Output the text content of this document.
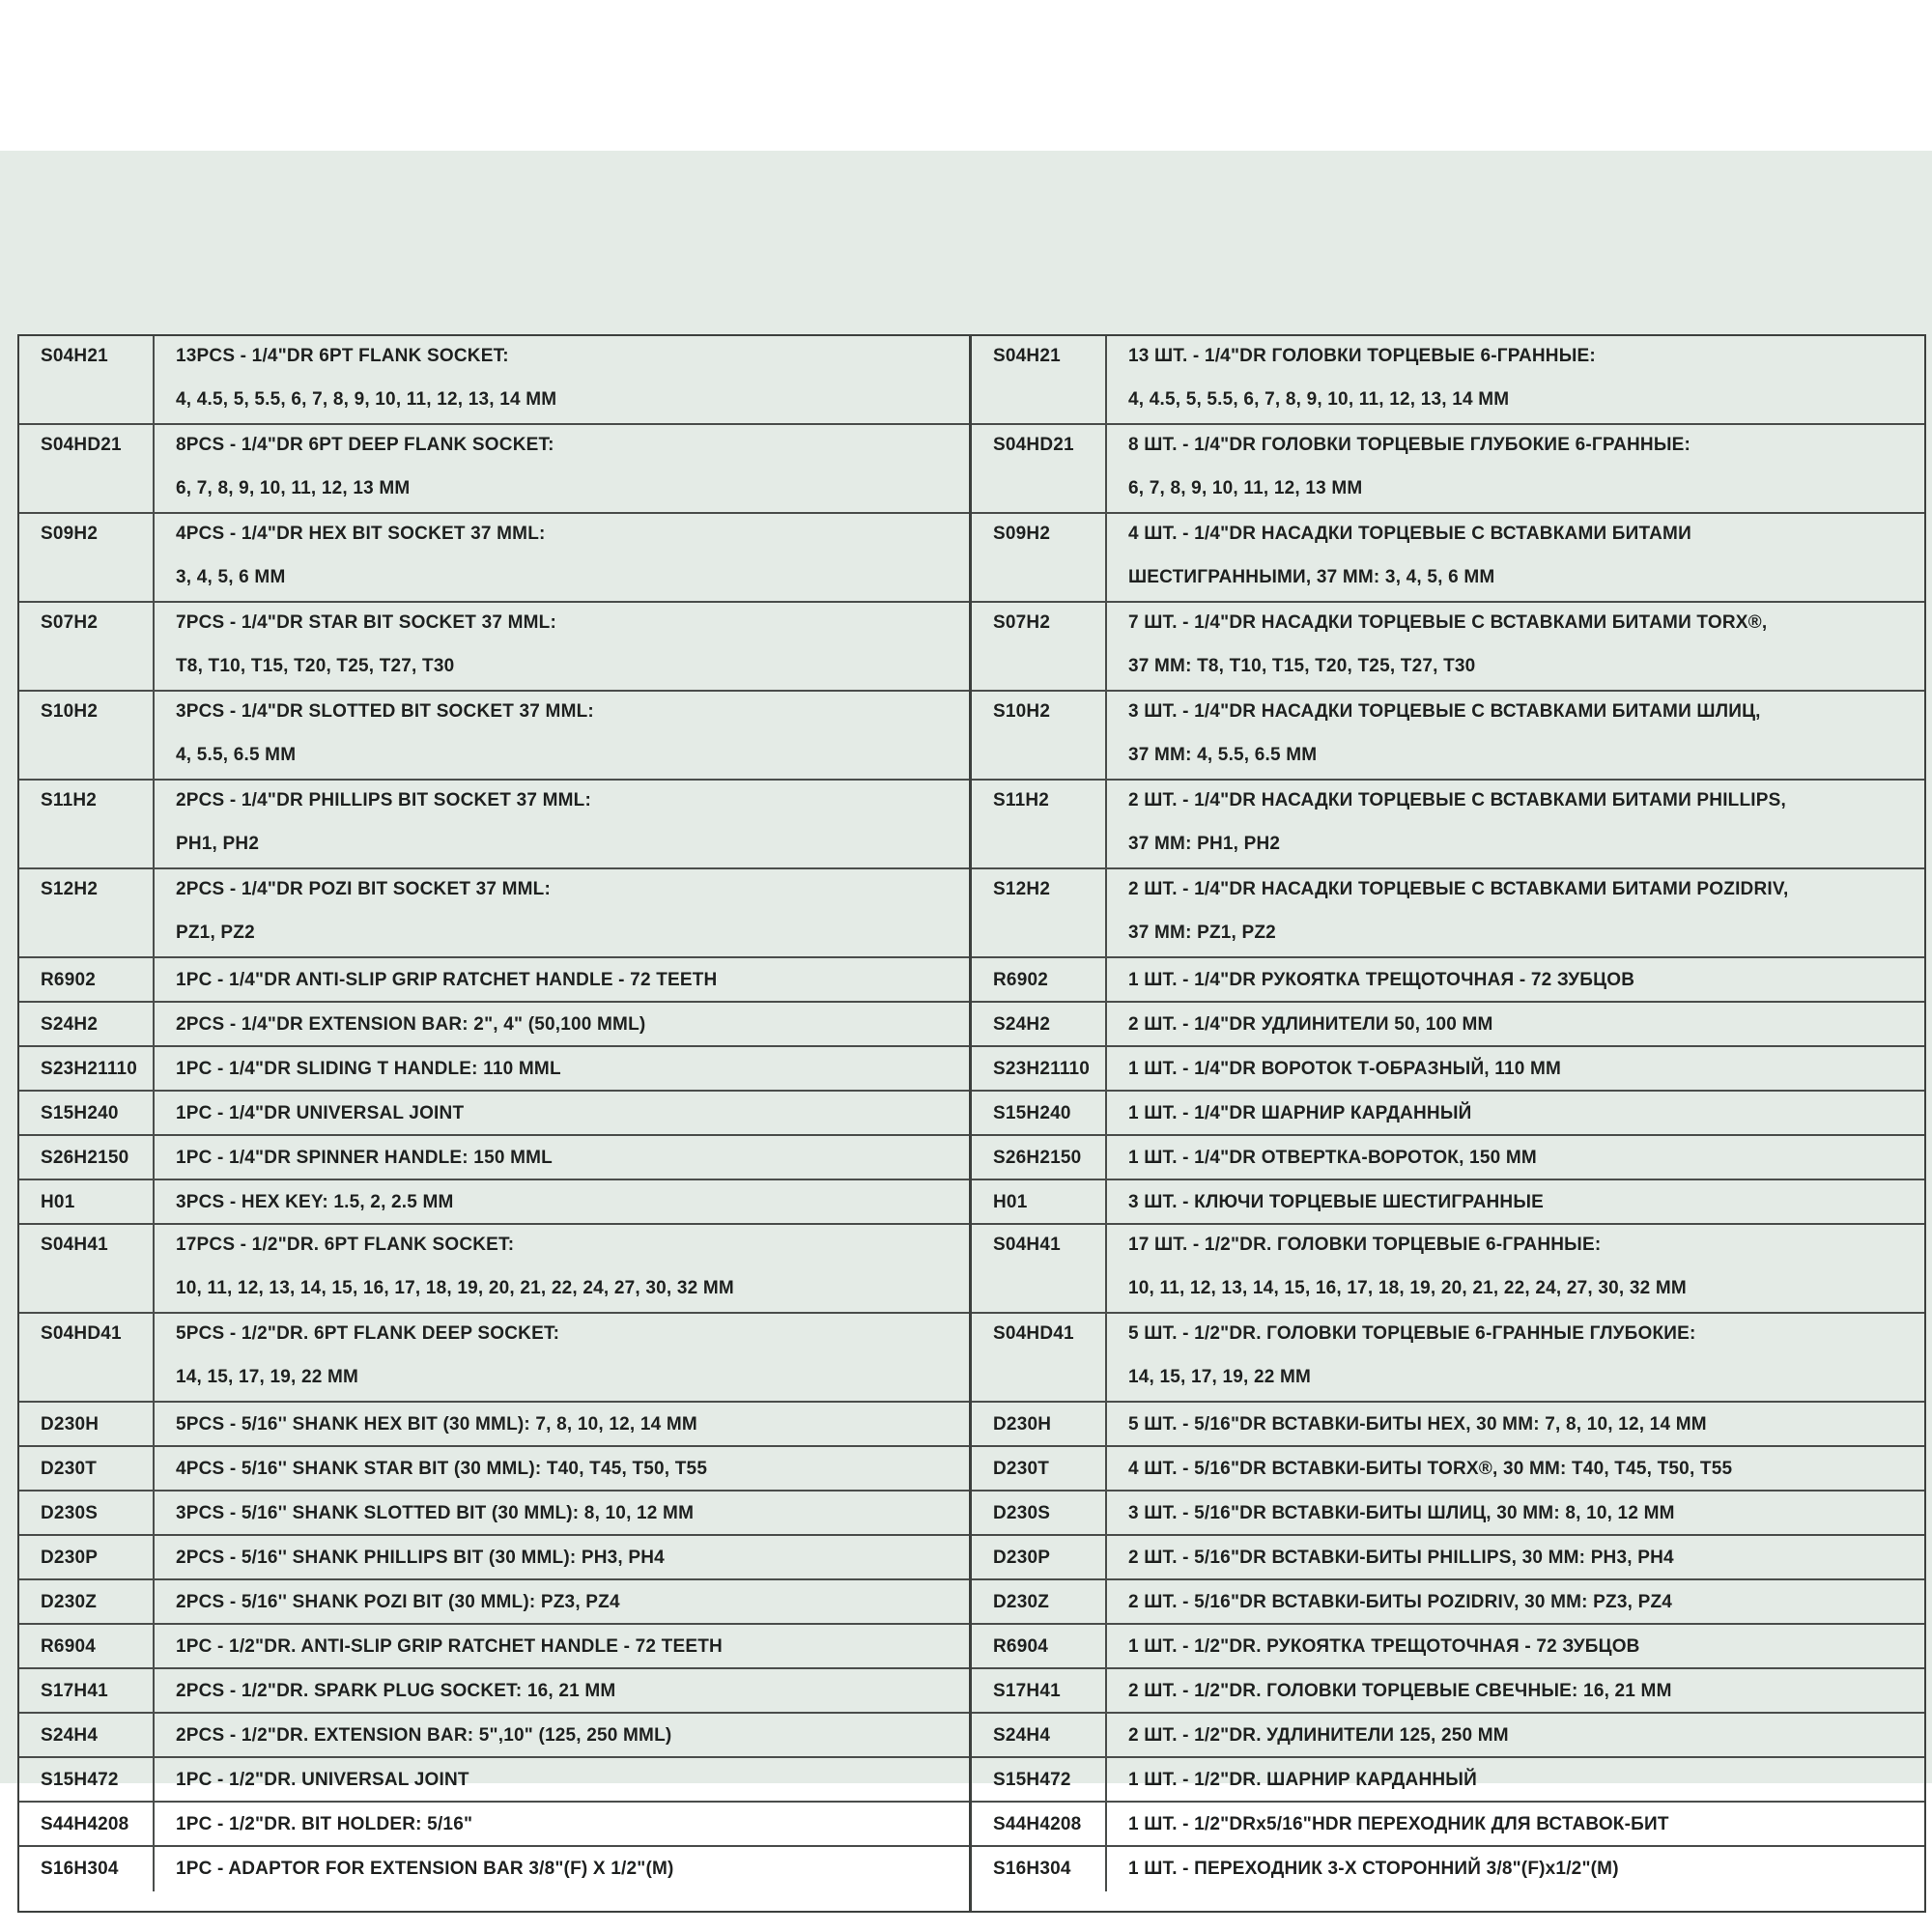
S04H21	13PCS - 1/4"DR 6PT FLANK SOCKET:
4, 4.5, 5, 5.5, 6, 7, 8, 9, 10, 11, 12, 13, 14 MM
S04HD21	8PCS - 1/4"DR 6PT DEEP FLANK SOCKET:
6, 7, 8, 9, 10, 11, 12, 13 MM
S09H2	4PCS - 1/4"DR HEX BIT SOCKET 37 MML:
3, 4, 5, 6 MM
S07H2	7PCS - 1/4"DR STAR BIT SOCKET 37 MML:
T8, T10, T15, T20, T25, T27, T30
S10H2	3PCS - 1/4"DR SLOTTED BIT SOCKET 37 MML:
4, 5.5, 6.5 MM
S11H2	2PCS - 1/4"DR PHILLIPS BIT SOCKET 37 MML:
PH1, PH2
S12H2	2PCS - 1/4"DR POZI BIT SOCKET 37 MML:
PZ1, PZ2
R6902	1PC - 1/4"DR ANTI-SLIP GRIP RATCHET HANDLE - 72 TEETH
S24H2	2PCS - 1/4"DR EXTENSION BAR: 2", 4" (50,100 MML)
S23H21110	1PC - 1/4"DR SLIDING T HANDLE: 110 MML
S15H240	1PC - 1/4"DR UNIVERSAL JOINT
S26H2150	1PC - 1/4"DR SPINNER HANDLE: 150 MML
H01	3PCS - HEX KEY: 1.5, 2, 2.5 MM
S04H41	17PCS - 1/2"DR. 6PT FLANK SOCKET:
10, 11, 12, 13, 14, 15, 16, 17, 18, 19, 20, 21, 22, 24, 27, 30, 32 MM
S04HD41	5PCS - 1/2"DR. 6PT FLANK DEEP SOCKET:
14, 15, 17, 19, 22 MM
D230H	5PCS - 5/16'' SHANK HEX BIT (30 MML): 7, 8, 10, 12, 14 MM
D230T	4PCS - 5/16'' SHANK STAR BIT (30 MML): T40, T45, T50, T55
D230S	3PCS - 5/16'' SHANK SLOTTED BIT (30 MML): 8, 10, 12 MM
D230P	2PCS - 5/16'' SHANK PHILLIPS BIT (30 MML): PH3, PH4
D230Z	2PCS - 5/16'' SHANK POZI BIT (30 MML): PZ3, PZ4
R6904	1PC - 1/2"DR. ANTI-SLIP GRIP RATCHET HANDLE - 72 TEETH
S17H41	2PCS - 1/2"DR. SPARK PLUG SOCKET: 16, 21 MM
S24H4	2PCS - 1/2"DR. EXTENSION BAR: 5",10" (125, 250 MML)
S15H472	1PC - 1/2"DR. UNIVERSAL JOINT
S44H4208	1PC - 1/2"DR. BIT HOLDER: 5/16"
S16H304	1PC - ADAPTOR FOR EXTENSION BAR 3/8"(F) X 1/2"(M)
S04H21	13 ШТ. - 1/4"DR ГОЛОВКИ ТОРЦЕВЫЕ 6-ГРАННЫЕ:
4, 4.5, 5, 5.5, 6, 7, 8, 9, 10, 11, 12, 13, 14 MM
S04HD21	8 ШТ. - 1/4"DR ГОЛОВКИ ТОРЦЕВЫЕ ГЛУБОКИЕ 6-ГРАННЫЕ:
6, 7, 8, 9, 10, 11, 12, 13 MM
S09H2	4 ШТ. - 1/4"DR НАСАДКИ ТОРЦЕВЫЕ С ВСТАВКАМИ БИТАМИ
ШЕСТИГРАННЫМИ, 37 MM: 3, 4, 5, 6 MM
S07H2	7 ШТ. - 1/4"DR НАСАДКИ ТОРЦЕВЫЕ С ВСТАВКАМИ БИТАМИ TORX®,
37 MM: T8, T10, T15, T20, T25, T27, T30
S10H2	3 ШТ. - 1/4"DR НАСАДКИ ТОРЦЕВЫЕ С ВСТАВКАМИ БИТАМИ ШЛИЦ,
37 MM: 4, 5.5, 6.5 MM
S11H2	2 ШТ. - 1/4"DR НАСАДКИ ТОРЦЕВЫЕ С ВСТАВКАМИ БИТАМИ PHILLIPS,
37 MM: PH1, PH2
S12H2	2 ШТ. - 1/4"DR НАСАДКИ ТОРЦЕВЫЕ С ВСТАВКАМИ БИТАМИ POZIDRIV,
37 MM: PZ1, PZ2
R6902	1 ШТ. - 1/4"DR РУКОЯТКА ТРЕЩОТОЧНАЯ - 72 ЗУБЦОВ
S24H2	2 ШТ. - 1/4"DR УДЛИНИТЕЛИ 50, 100 MM
S23H21110	1 ШТ. - 1/4"DR ВОРОТОК Т-ОБРАЗНЫЙ, 110 MM
S15H240	1 ШТ. - 1/4"DR ШАРНИР КАРДАННЫЙ
S26H2150	1 ШТ. - 1/4"DR ОТВЕРТКА-ВОРОТОК, 150 MM
H01	3 ШТ. - КЛЮЧИ ТОРЦЕВЫЕ ШЕСТИГРАННЫЕ
S04H41	17 ШТ. - 1/2"DR. ГОЛОВКИ ТОРЦЕВЫЕ 6-ГРАННЫЕ:
10, 11, 12, 13, 14, 15, 16, 17, 18, 19, 20, 21, 22, 24, 27, 30, 32 MM
S04HD41	5 ШТ. - 1/2"DR. ГОЛОВКИ ТОРЦЕВЫЕ 6-ГРАННЫЕ ГЛУБОКИЕ:
14, 15, 17, 19, 22 MM
D230H	5 ШТ. - 5/16"DR ВСТАВКИ-БИТЫ HEX, 30 MM: 7, 8, 10, 12, 14 MM
D230T	4 ШТ. - 5/16"DR ВСТАВКИ-БИТЫ TORX®, 30 MM: T40, T45, T50, T55
D230S	3 ШТ. - 5/16"DR ВСТАВКИ-БИТЫ ШЛИЦ, 30 MM: 8, 10, 12 MM
D230P	2 ШТ. - 5/16"DR ВСТАВКИ-БИТЫ PHILLIPS, 30 MM: PH3, PH4
D230Z	2 ШТ. - 5/16"DR ВСТАВКИ-БИТЫ POZIDRIV, 30 MM: PZ3, PZ4
R6904	1 ШТ. - 1/2"DR. РУКОЯТКА ТРЕЩОТОЧНАЯ - 72 ЗУБЦОВ
S17H41	2 ШТ. - 1/2"DR. ГОЛОВКИ ТОРЦЕВЫЕ СВЕЧНЫЕ: 16, 21 MM
S24H4	2 ШТ. - 1/2"DR. УДЛИНИТЕЛИ 125, 250 MM
S15H472	1 ШТ. - 1/2"DR. ШАРНИР КАРДАННЫЙ
S44H4208	1 ШТ. - 1/2"DRx5/16"HDR ПЕРЕХОДНИК ДЛЯ ВСТАВОК-БИТ
S16H304	1 ШТ. - ПЕРЕХОДНИК 3-Х СТОРОННИЙ 3/8"(F)x1/2"(M)
